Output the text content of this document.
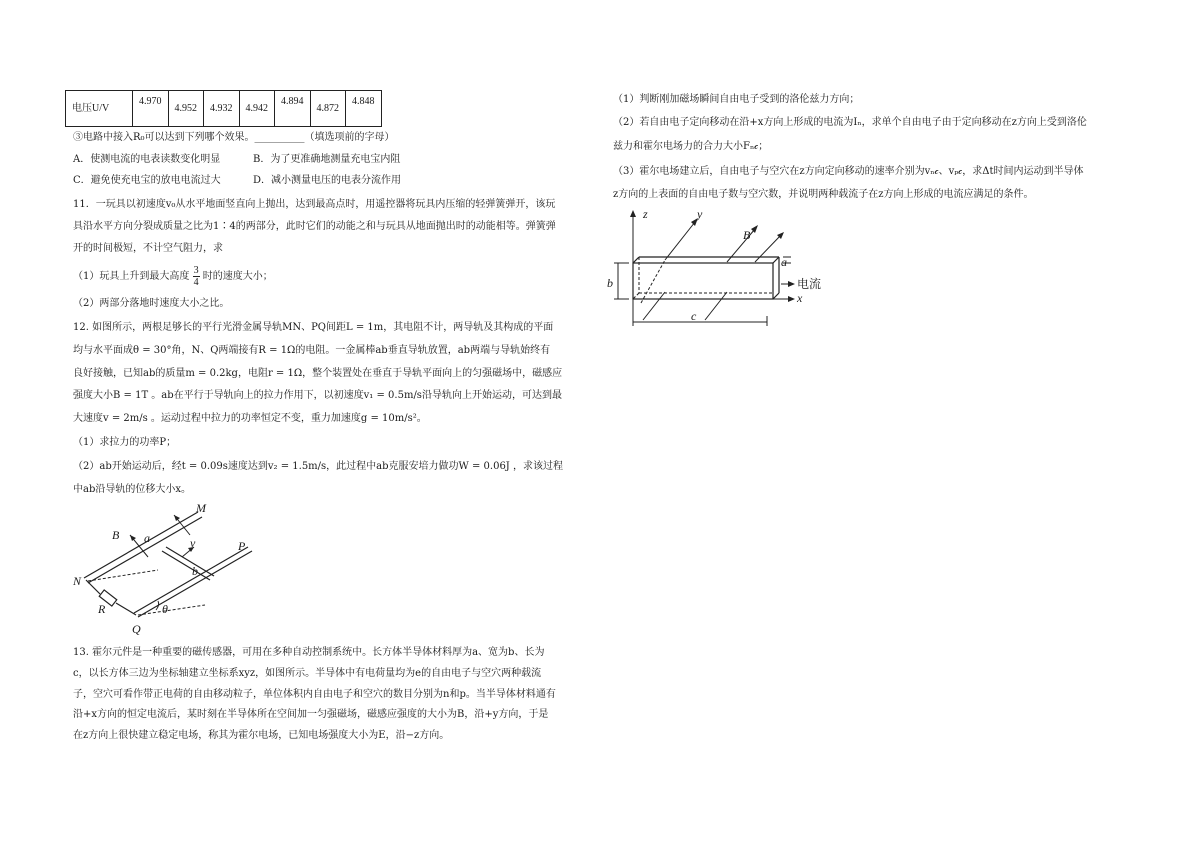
电压U/V	4.970	4.952	4.932	4.942	4.894	4.872	4.848
③电路中接入R₀可以达到下列哪个效果。__________（填选项前的字母）
A．使测电流的电表读数变化明显	B．为了更准确地测量充电宝内阻
C．避免使充电宝的放电电流过大	D．减小测量电压的电表分流作用
11．一玩具以初速度v₀从水平地面竖直向上抛出，达到最高点时，用遥控器将玩具内压缩的轻弹簧弹开，该玩
具沿水平方向分裂成质量之比为1∶4的两部分，此时它们的动能之和与玩具从地面抛出时的动能相等。弹簧弹
开的时间极短，不计空气阻力，求
（1）玩具上升到最大高度 $\frac{3}{4}$ 时的速度大小；
（2）两部分落地时速度大小之比。
12. 如图所示，两根足够长的平行光滑金属导轨MN、PQ间距L = 1m，其电阻不计，两导轨及其构成的平面
均与水平面成θ = 30°角，N、Q两端接有R = 1Ω的电阻。一金属棒ab垂直导轨放置，ab两端与导轨始终有
良好接触，已知ab的质量m = 0.2kg，电阻r = 1Ω，整个装置处在垂直于导轨平面向上的匀强磁场中，磁感应
强度大小B = 1T 。ab在平行于导轨向上的拉力作用下，以初速度v₁ = 0.5m/s沿导轨向上开始运动，可达到最
大速度v = 2m/s 。运动过程中拉力的功率恒定不变，重力加速度g = 10m/s²。
（1）求拉力的功率P；
（2）ab开始运动后，经t = 0.09s速度达到v₂ = 1.5m/s，此过程中ab克服安培力做功W = 0.06J ，求该过程
中ab沿导轨的位移大小x。
M
P
B a	v
b
N
R	θ
Q
13. 霍尔元件是一种重要的磁传感器，可用在多种自动控制系统中。长方体半导体材料厚为a、宽为b、长为
c，以长方体三边为坐标轴建立坐标系xyz，如图所示。半导体中有电荷量均为e的自由电子与空穴两种载流
子，空穴可看作带正电荷的自由移动粒子，单位体积内自由电子和空穴的数目分别为n和p。当半导体材料通有
沿+x方向的恒定电流后，某时刻在半导体所在空间加一匀强磁场，磁感应强度的大小为B，沿+y方向，于是
在z方向上很快建立稳定电场，称其为霍尔电场，已知电场强度大小为E，沿−z方向。
（1）判断刚加磁场瞬间自由电子受到的洛伦兹力方向；
（2）若自由电子定向移动在沿+x方向上形成的电流为Iₙ，求单个自由电子由于定向移动在z方向上受到洛伦
兹力和霍尔电场力的合力大小Fₙ𝒸；
（3）霍尔电场建立后，自由电子与空穴在z方向定向移动的速率介别为vₙ𝒸、vₚ𝒸，求Δt时间内运动到半导体
z方向的上表面的自由电子数与空穴数，并说明两种载流子在z方向上形成的电流应满足的条件。
z	y
B
a
b	电流
x
c
